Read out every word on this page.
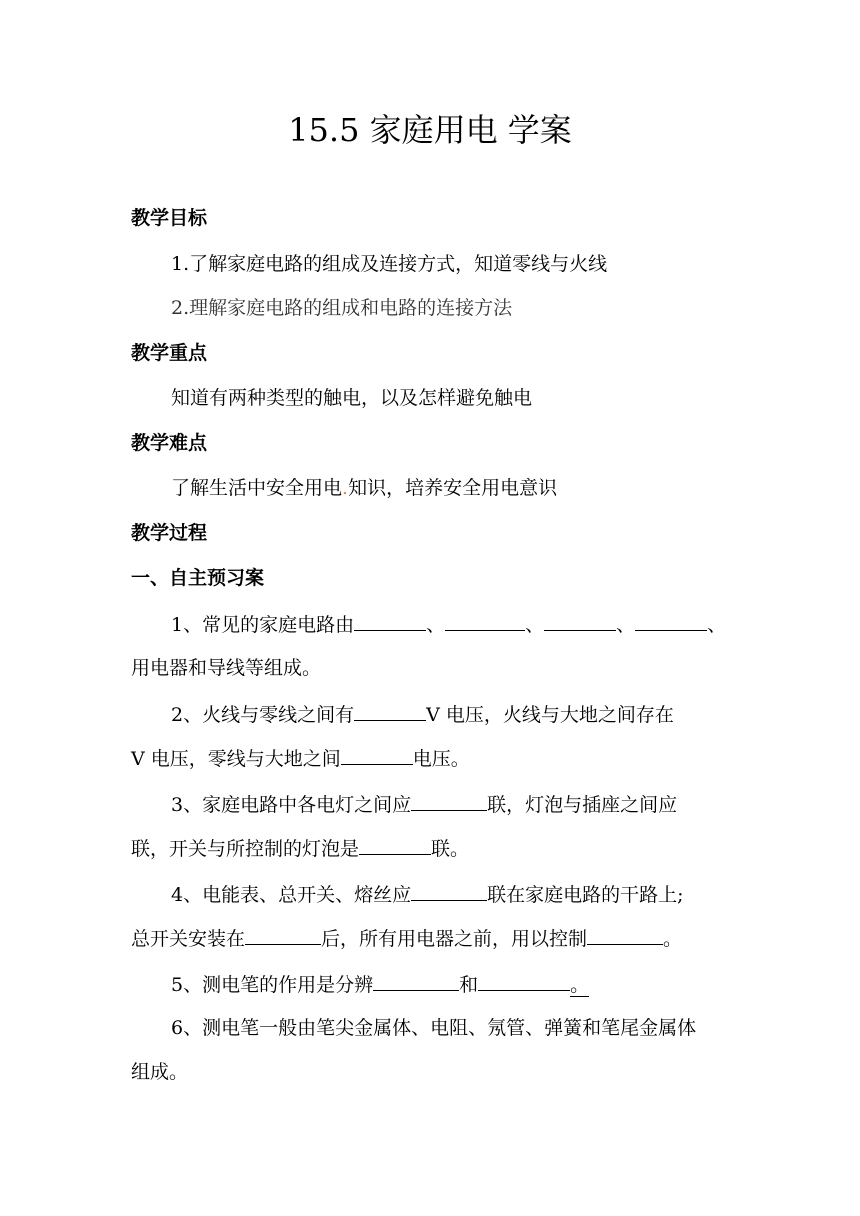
15.5 家庭用电 学案
教学目标
1.了解家庭电路的组成及连接方式，知道零线与火线
2.理解家庭电路的组成和电路的连接方法
教学重点
知道有两种类型的触电，以及怎样避免触电
教学难点
了解生活中安全用电.知识，培养安全用电意识
教学过程
一、自主预习案
1、常见的家庭电路由	、	、	、	、
用电器和导线等组成。
2、火线与零线之间有	V 电压，火线与大地之间存在
V 电压，零线与大地之间	电压。
3、家庭电路中各电灯之间应	联，灯泡与插座之间应
联，开关与所控制的灯泡是	联。
4、电能表、总开关、熔丝应	联在家庭电路的干路上;
总开关安装在	后，所有用电器之前，用以控制	。
5、测电笔的作用是分辨	和	。
6、测电笔一般由笔尖金属体、电阻、氖管、弹簧和笔尾金属体
组成。
